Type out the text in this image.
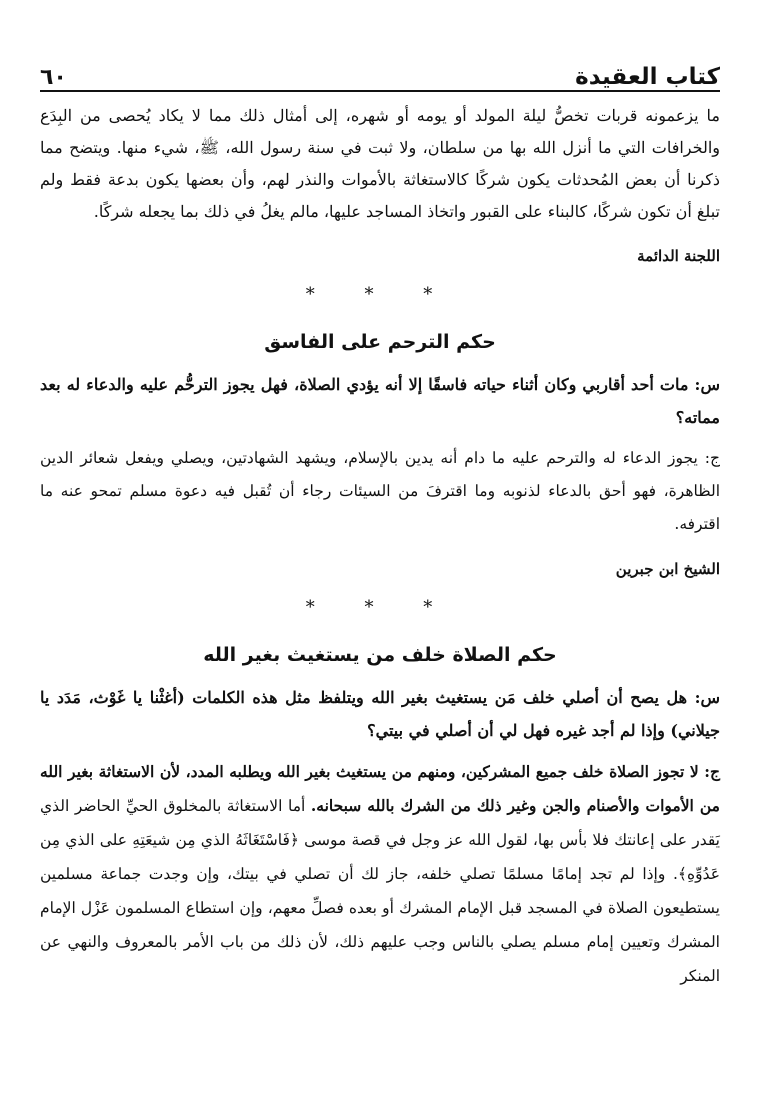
كتاب العقيدة
٦٠

ما يزعمونه قربات تخصُّ ليلة المولد أو يومه أو شهره، إلى أمثال ذلك مما لا يكاد يُحصى من البِدَع والخرافات التي ما أنزل الله بها من سلطان، ولا ثبت في سنة رسول الله، ﷺ، شيء منها. ويتضح مما ذكرنا أن بعض المُحدثات يكون شركًا كالاستغاثة بالأموات والنذر لهم، وأن بعضها يكون بدعة فقط ولم تبلغ أن تكون شركًا، كالبناء على القبور واتخاذ المساجد عليها، مالم يغلُ في ذلك بما يجعله شركًا.

اللجنة الدائمة

* * *
حكم الترحم على الفاسق

س: مات أحد أقاربي وكان أثناء حياته فاسقًا إلا أنه يؤدي الصلاة، فهل يجوز الترحُّم عليه والدعاء له بعد مماته؟

ج: يجوز الدعاء له والترحم عليه ما دام أنه يدين بالإسلام، ويشهد الشهادتين، ويصلي ويفعل شعائر الدين الظاهرة، فهو أحق بالدعاء لذنوبه وما اقترفَ من السيئات رجاء أن تُقبل فيه دعوة مسلم تمحو عنه ما اقترفه.

الشيخ ابن جبرين

* * *
حكم الصلاة خلف من يستغيث بغير الله

س: هل يصح أن أصلي خلف مَن يستغيث بغير الله ويتلفظ مثل هذه الكلمات (أغثْنا يا غَوْث، مَدَد يا جيلاني) وإذا لم أجد غيره فهل لي أن أصلي في بيتي؟

ج: لا تجوز الصلاة خلف جميع المشركين، ومنهم من يستغيث بغير الله ويطلبه المدد، لأن الاستغاثة بغير الله من الأموات والأصنام والجن وغير ذلك من الشرك بالله سبحانه. أما الاستغاثة بالمخلوق الحيِّ الحاضر الذي يَقدر على إعانتك فلا بأس بها، لقول الله عز وجل في قصة موسى ﴿فَاسْتَغَاثَهُ الذي مِن شيعَتِهِ على الذي مِن عَدُوِّهِ﴾. وإذا لم تجد إمامًا مسلمًا تصلي خلفه، جاز لك أن تصلي في بيتك، وإن وجدت جماعة مسلمين يستطيعون الصلاة في المسجد قبل الإمام المشرك أو بعده فصلِّ معهم، وإن استطاع المسلمون عَزْل الإمام المشرك وتعيين إمام مسلم يصلي بالناس وجب عليهم ذلك، لأن ذلك من باب الأمر بالمعروف والنهي عن المنكر
